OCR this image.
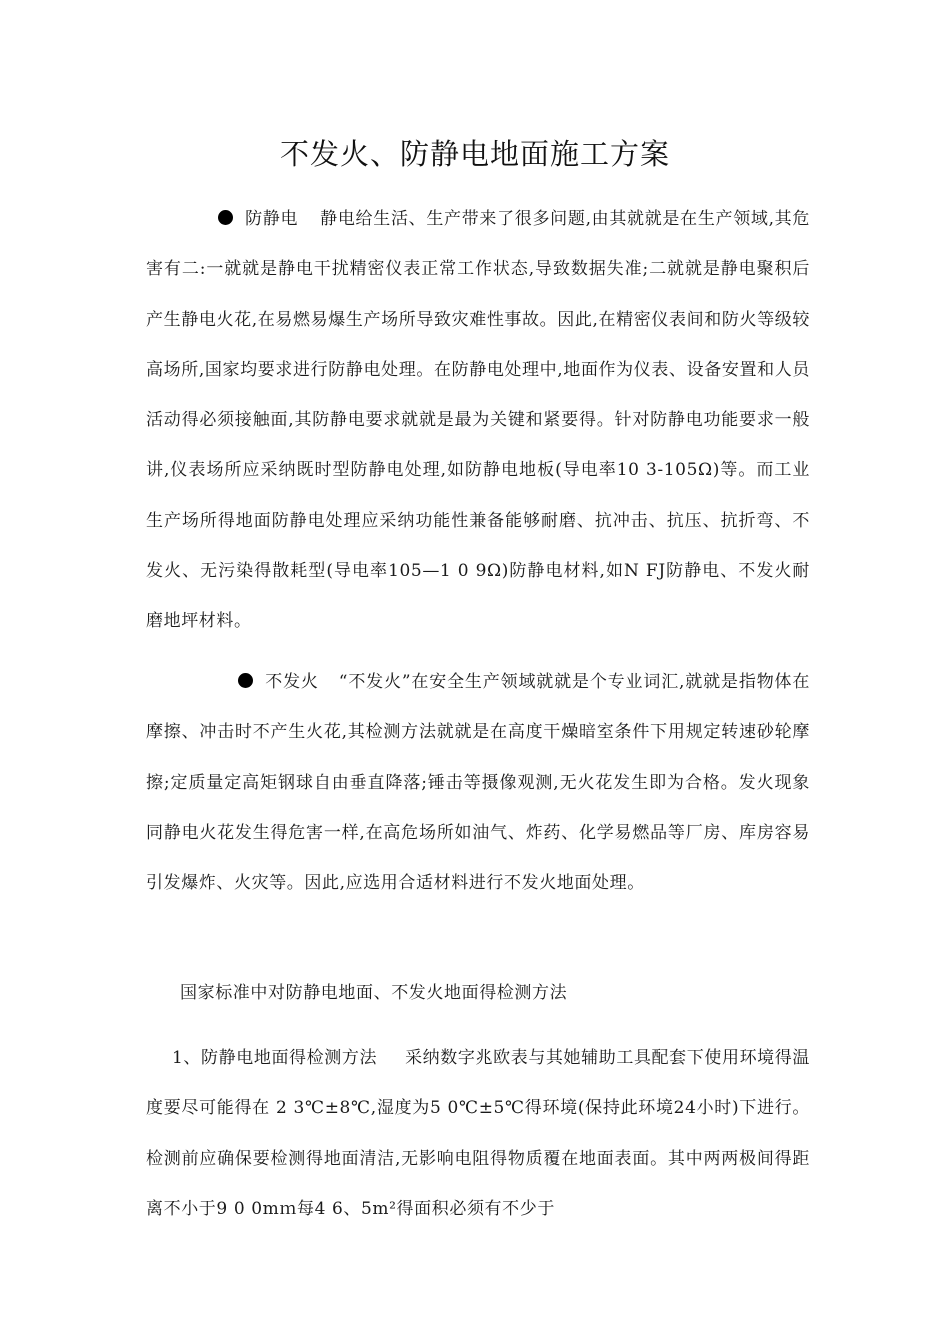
不发火、防静电地面施工方案
防静电 静电给生活、生产带来了很多问题,由其就就是在生产领域,其危害有二:一就就是静电干扰精密仪表正常工作状态,导致数据失准;二就就是静电聚积后产生静电火花,在易燃易爆生产场所导致灾难性事故。因此,在精密仪表间和防火等级较高场所,国家均要求进行防静电处理。在防静电处理中,地面作为仪表、设备安置和人员活动得必须接触面,其防静电要求就就是最为关键和紧要得。针对防静电功能要求一般讲,仪表场所应采纳既时型防静电处理,如防静电地板(导电率10 3-105Ω)等。而工业生产场所得地面防静电处理应采纳功能性兼备能够耐磨、抗冲击、抗压、抗折弯、不发火、无污染得散耗型(导电率105—1 0 9Ω)防静电材料,如N FJ防静电、不发火耐磨地坪材料。
不发火 “不发火”在安全生产领域就就是个专业词汇,就就是指物体在摩擦、冲击时不产生火花,其检测方法就就是在高度干燥暗室条件下用规定转速砂轮摩擦;定质量定高矩钢球自由垂直降落;锤击等摄像观测,无火花发生即为合格。发火现象同静电火花发生得危害一样,在高危场所如油气、炸药、化学易燃品等厂房、库房容易引发爆炸、火灾等。因此,应选用合适材料进行不发火地面处理。
国家标准中对防静电地面、不发火地面得检测方法
1、防静电地面得检测方法 采纳数字兆欧表与其她辅助工具配套下使用环境得温度要尽可能得在 2 3℃±8℃,湿度为5 0℃±5℃得环境(保持此环境24小时)下进行。 检测前应确保要检测得地面清洁,无影响电阻得物质覆在地面表面。其中两两极间得距离不小于9 0 0mｍ每4 6、5m²得面积必须有不少于
